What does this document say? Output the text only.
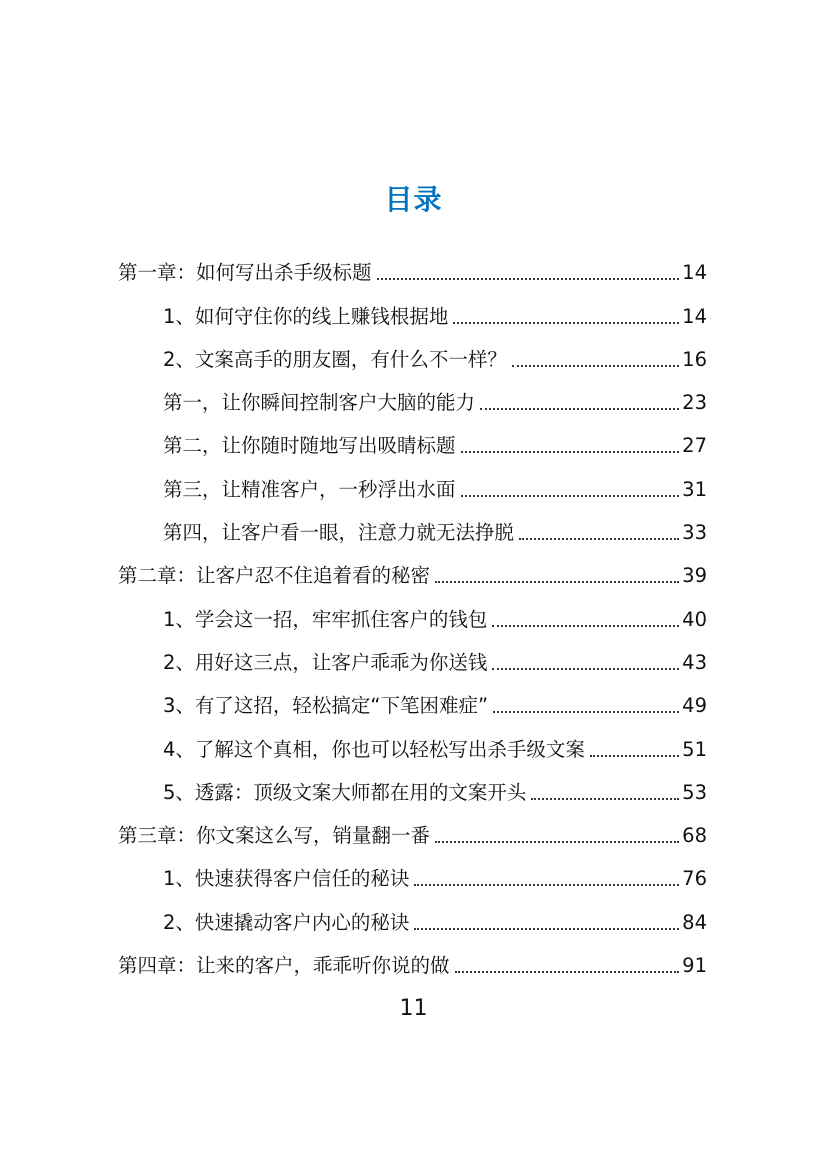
目录
第一章：如何写出杀手级标题	14
1、如何守住你的线上赚钱根据地	14
2、文案高手的朋友圈，有什么不一样？	16
第一，让你瞬间控制客户大脑的能力	23
第二，让你随时随地写出吸睛标题	27
第三，让精准客户，一秒浮出水面	31
第四，让客户看一眼，注意力就无法挣脱	33
第二章：让客户忍不住追着看的秘密	39
1、学会这一招，牢牢抓住客户的钱包	40
2、用好这三点，让客户乖乖为你送钱	43
3、有了这招，轻松搞定“下笔困难症”	49
4、了解这个真相，你也可以轻松写出杀手级文案	51
5、透露：顶级文案大师都在用的文案开头	53
第三章：你文案这么写，销量翻一番	68
1、快速获得客户信任的秘诀	76
2、快速撬动客户内心的秘诀	84
第四章：让来的客户，乖乖听你说的做	91
11
